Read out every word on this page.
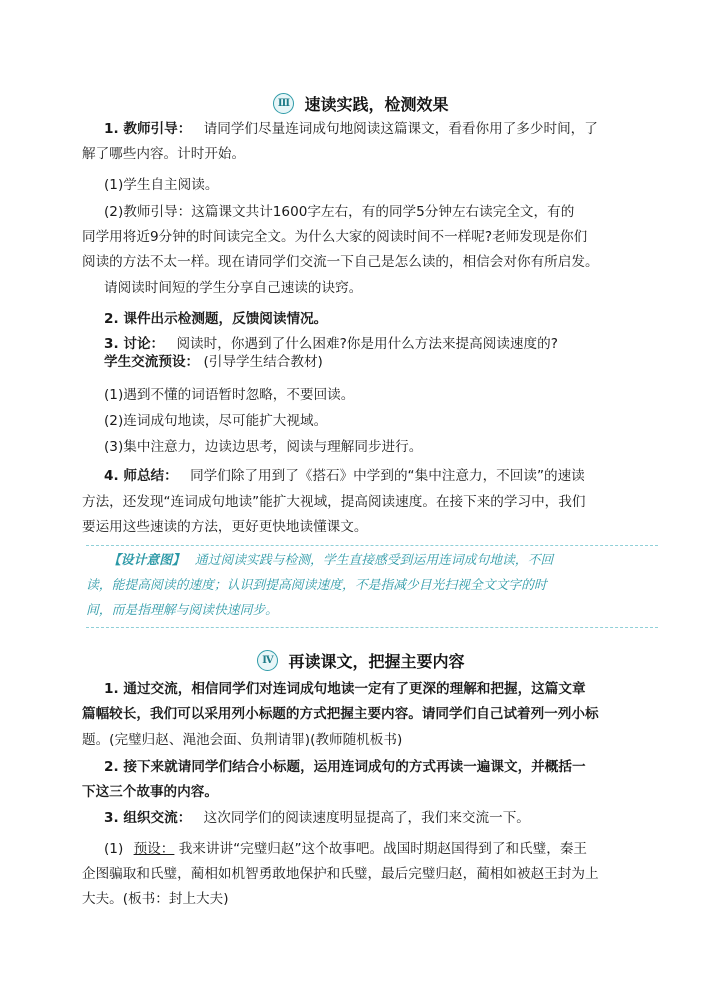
Ⅲ 速读实践，检测效果
1. 教师引导： 请同学们尽量连词成句地阅读这篇课文，看看你用了多少时间，了
解了哪些内容。计时开始。
(1)学生自主阅读。
(2)教师引导：这篇课文共计1600字左右，有的同学5分钟左右读完全文，有的
同学用将近9分钟的时间读完全文。为什么大家的阅读时间不一样呢?老师发现是你们
阅读的方法不太一样。现在请同学们交流一下自己是怎么读的，相信会对你有所启发。
请阅读时间短的学生分享自己速读的诀窍。
2. 课件出示检测题，反馈阅读情况。
3. 讨论： 阅读时，你遇到了什么困难?你是用什么方法来提高阅读速度的?
学生交流预设： (引导学生结合教材)
(1)遇到不懂的词语暂时忽略，不要回读。
(2)连词成句地读，尽可能扩大视域。
(3)集中注意力，边读边思考，阅读与理解同步进行。
4. 师总结： 同学们除了用到了《搭石》中学到的“集中注意力，不回读”的速读
方法，还发现“连词成句地读”能扩大视域，提高阅读速度。在接下来的学习中，我们
要运用这些速读的方法，更好更快地读懂课文。
【设计意图】 通过阅读实践与检测，学生直接感受到运用连词成句地读，不回
读，能提高阅读的速度；认识到提高阅读速度，不是指减少目光扫视全文文字的时
间，而是指理解与阅读快速同步。
Ⅳ 再读课文，把握主要内容
1. 通过交流，相信同学们对连词成句地读一定有了更深的理解和把握，这篇文章
篇幅较长，我们可以采用列小标题的方式把握主要内容。请同学们自己试着列一列小标
题。(完璧归赵、渑池会面、负荆请罪)(教师随机板书)
2. 接下来就请同学们结合小标题，运用连词成句的方式再读一遍课文，并概括一
下这三个故事的内容。
3. 组织交流： 这次同学们的阅读速度明显提高了，我们来交流一下。
(1) 预设： 我来讲讲“完璧归赵”这个故事吧。战国时期赵国得到了和氏璧，秦王
企图骗取和氏璧，蔺相如机智勇敢地保护和氏璧，最后完璧归赵，蔺相如被赵王封为上
大夫。(板书：封上大夫)
